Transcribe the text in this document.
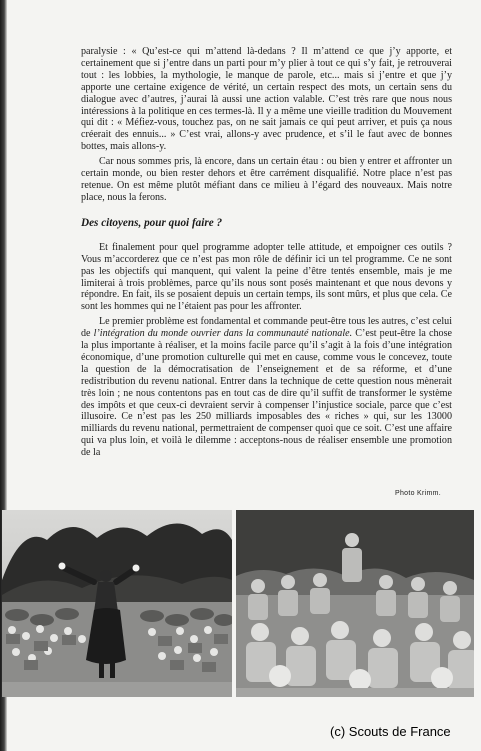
paralysie : « Qu’est-ce qui m’attend là-dedans ? Il m’attend ce que j’y apporte, et certainement que si j’entre dans un parti pour m’y plier à tout ce qui s’y fait, je retrouverai tout : les lobbies, la mythologie, le manque de parole, etc... mais si j’entre et que j’y apporte une certaine exigence de vérité, un certain respect des mots, un certain sens du dialogue avec d’autres, j’aurai là aussi une action valable. C’est très rare que nous nous intéressions à la politique en ces termes-là. Il y a même une vieille tradition du Mouvement qui dit : « Méfiez-vous, touchez pas, on ne sait jamais ce qui peut arriver, et puis ça nous créerait des ennuis... » C’est vrai, allons-y avec prudence, et s’il le faut avec de bonnes bottes, mais allons-y.

Car nous sommes pris, là encore, dans un certain étau : ou bien y entrer et affronter un certain monde, ou bien rester dehors et être carrément disqualifié. Notre place n’est pas retenue. On est même plutôt méfiant dans ce milieu à l’égard des nouveaux. Mais notre place, nous la ferons.

Des citoyens, pour quoi faire ?

Et finalement pour quel programme adopter telle attitude, et empoigner ces outils ? Vous m’accorderez que ce n’est pas mon rôle de définir ici un tel programme. Ce ne sont pas les objectifs qui manquent, qui valent la peine d’être tentés ensemble, mais je me limiterai à trois problèmes, parce qu’ils nous sont posés maintenant et que nous devons y répondre. En fait, ils se posaient depuis un certain temps, ils sont mûrs, et plus que cela. Ce sont les hommes qui ne l’étaient pas pour les affronter.

Le premier problème est fondamental et commande peut-être tous les autres, c’est celui de l’intégration du monde ouvrier dans la communauté nationale. C’est peut-être la chose la plus importante à réaliser, et la moins facile parce qu’il s’agit à la fois d’une intégration économique, d’une promotion culturelle qui met en cause, comme vous le concevez, toute la question de la démocratisation de l’enseignement et de sa réforme, et d’une redistribution du revenu national. Entrer dans la technique de cette question nous mènerait très loin ; ne nous contentons pas en tout cas de dire qu’il suffit de transformer le système des impôts et que ceux-ci devraient servir à compenser l’injustice sociale, parce que c’est illusoire. Ce n’est pas les 250 milliards imposables des « riches » qui, sur les 13000 milliards du revenu national, permettraient de compenser quoi que ce soit. C’est une affaire qui va plus loin, et voilà le dilemme : acceptons-nous de réaliser ensemble une promotion de la

Photo Krimm.
(c) Scouts de France
